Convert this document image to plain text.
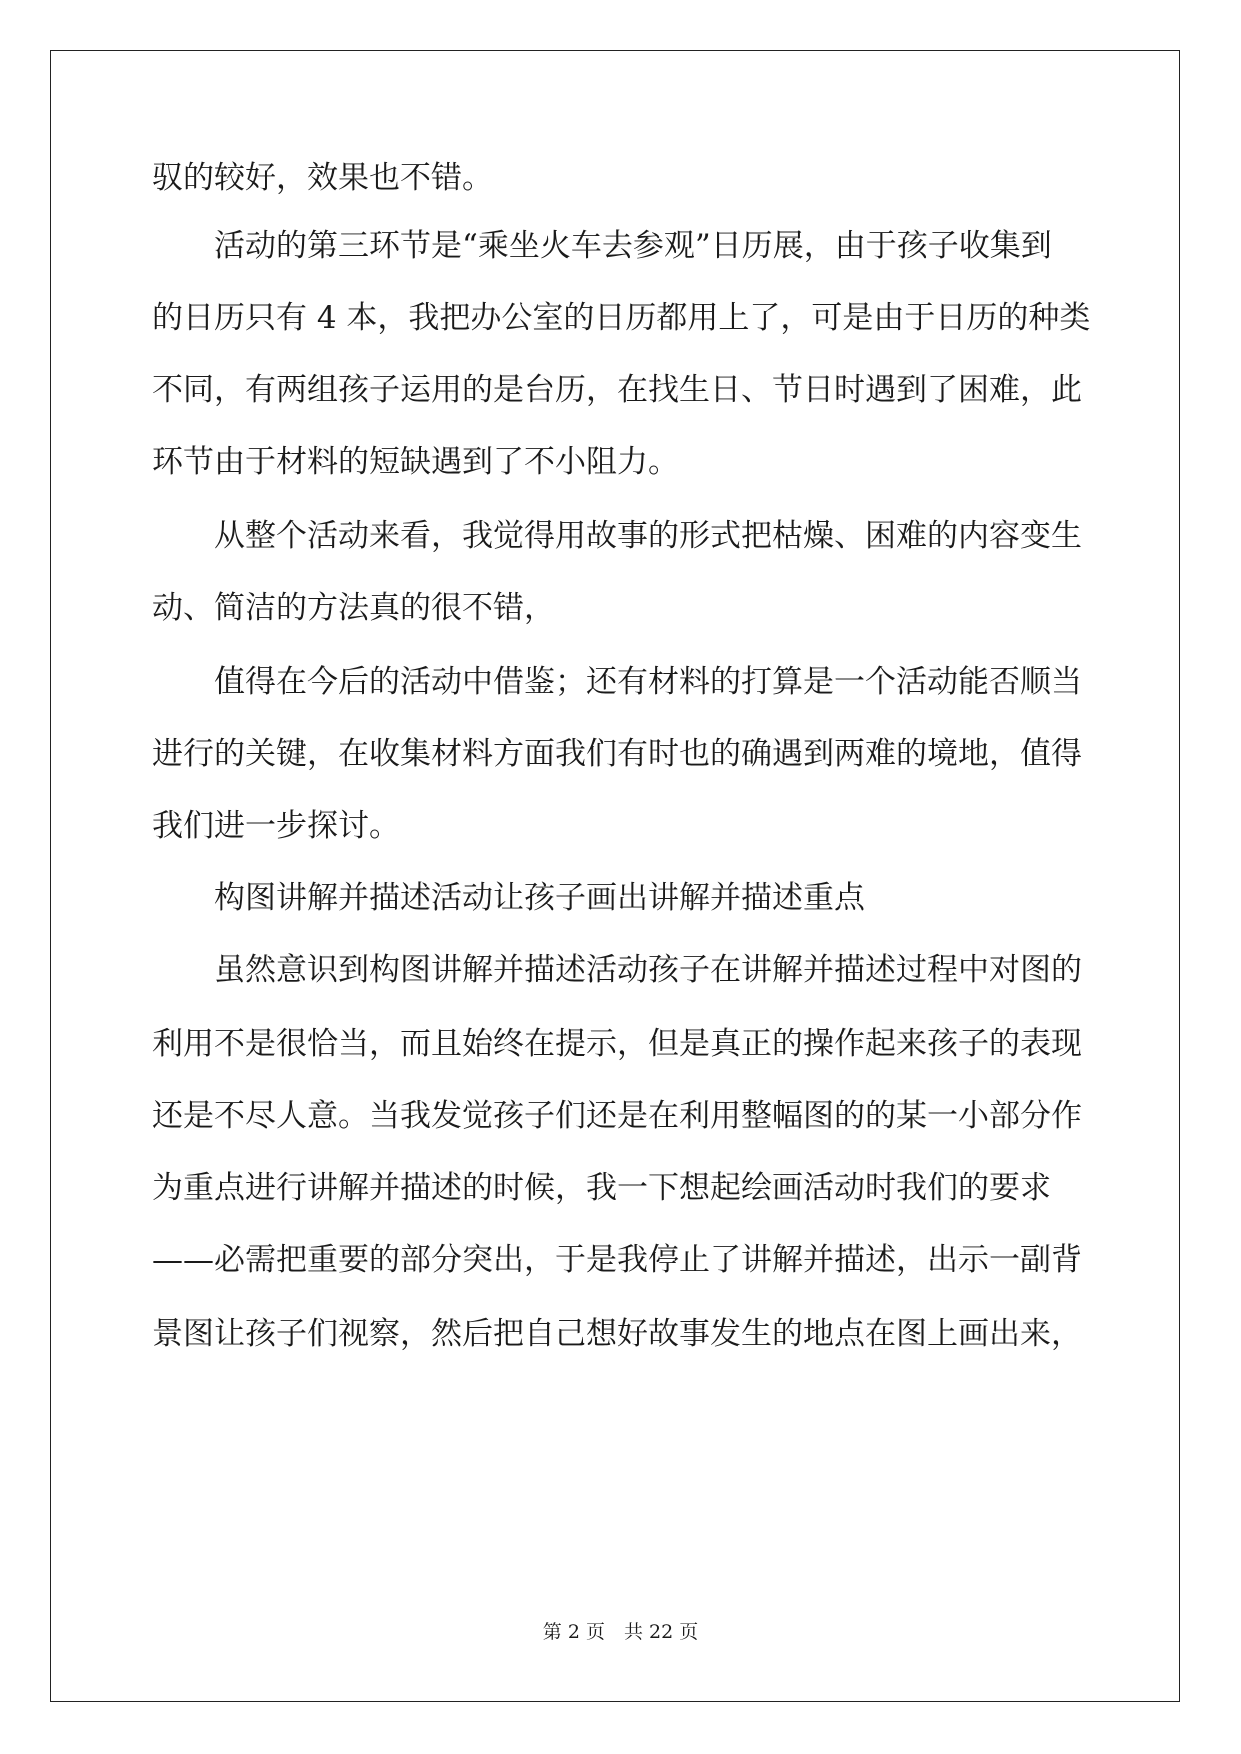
驭的较好，效果也不错。
活动的第三环节是“乘坐火车去参观”日历展，由于孩子收集到
的日历只有 4 本，我把办公室的日历都用上了，可是由于日历的种类
不同，有两组孩子运用的是台历，在找生日、节日时遇到了困难，此
环节由于材料的短缺遇到了不小阻力。
从整个活动来看，我觉得用故事的形式把枯燥、困难的内容变生
动、简洁的方法真的很不错，
值得在今后的活动中借鉴；还有材料的打算是一个活动能否顺当
进行的关键，在收集材料方面我们有时也的确遇到两难的境地，值得
我们进一步探讨。
构图讲解并描述活动让孩子画出讲解并描述重点
虽然意识到构图讲解并描述活动孩子在讲解并描述过程中对图的
利用不是很恰当，而且始终在提示，但是真正的操作起来孩子的表现
还是不尽人意。当我发觉孩子们还是在利用整幅图的的某一小部分作
为重点进行讲解并描述的时候，我一下想起绘画活动时我们的要求
——必需把重要的部分突出，于是我停止了讲解并描述，出示一副背
景图让孩子们视察，然后把自己想好故事发生的地点在图上画出来，
第 2 页　共 22 页
